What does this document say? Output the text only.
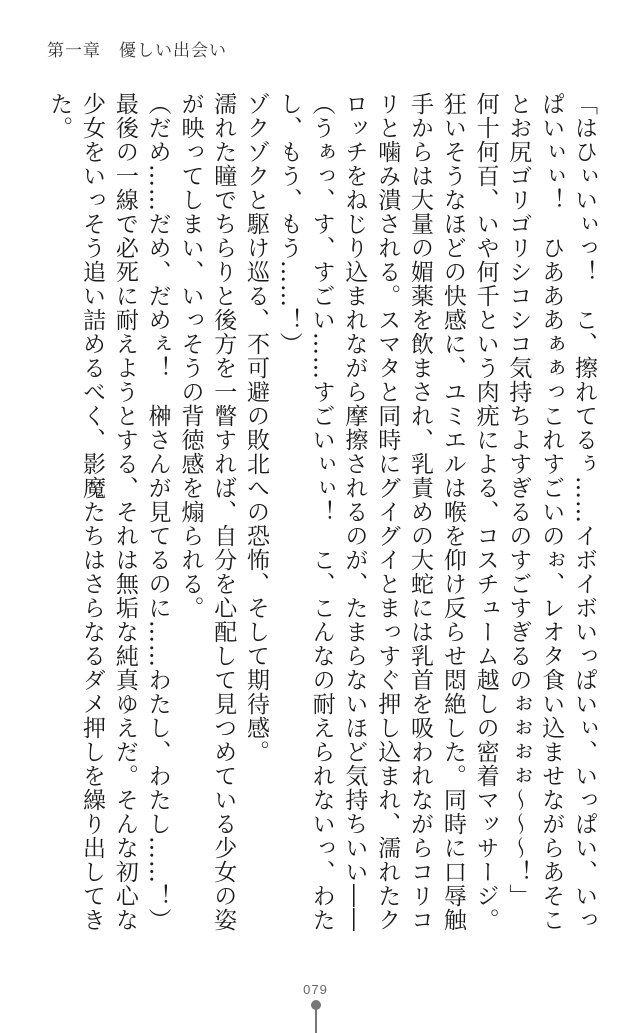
第一章　優しい出会い

「はひぃいぃっ！　こ、擦れてるぅ……イボイボいっぱいぃ、いっぱい、いっぱいぃぃ！　ひあああぁぁっこれすごいのぉ、レオタ食い込ませながらあそことお尻ゴリゴリシコシコ気持ちよすぎるのすごすぎるのぉぉぉぉ〜〜〜！」

何十何百、いや何千という肉疣による、コスチューム越しの密着マッサージ。狂いそうなほどの快感に、ユミエルは喉を仰け反らせ悶絶した。同時に口辱触手からは大量の媚薬を飲まされ、乳責めの大蛇には乳首を吸われながらコリコリと噛み潰される。スマタと同時にグイグイとまっすぐ押し込まれ、濡れたクロッチをねじり込まれながら摩擦されるのが、たまらないほど気持ちいい――

（うぁっ、す、すごい……すごいぃぃ！　こ、こんなの耐えられないっ、わたし、もう、もう……！）

ゾクゾクと駆け巡る、不可避の敗北への恐怖、そして期待感。

濡れた瞳でちらりと後方を一瞥すれば、自分を心配して見つめている少女の姿が映ってしまい、いっそうの背徳感を煽られる。

（だめ……だめ、だめぇ！　榊さんが見てるのに……わたし、わたし……！）

最後の一線で必死に耐えようとする、それは無垢な純真ゆえだ。そんな初心な少女をいっそう追い詰めるべく、影魔たちはさらなるダメ押しを繰り出してきた。

079
